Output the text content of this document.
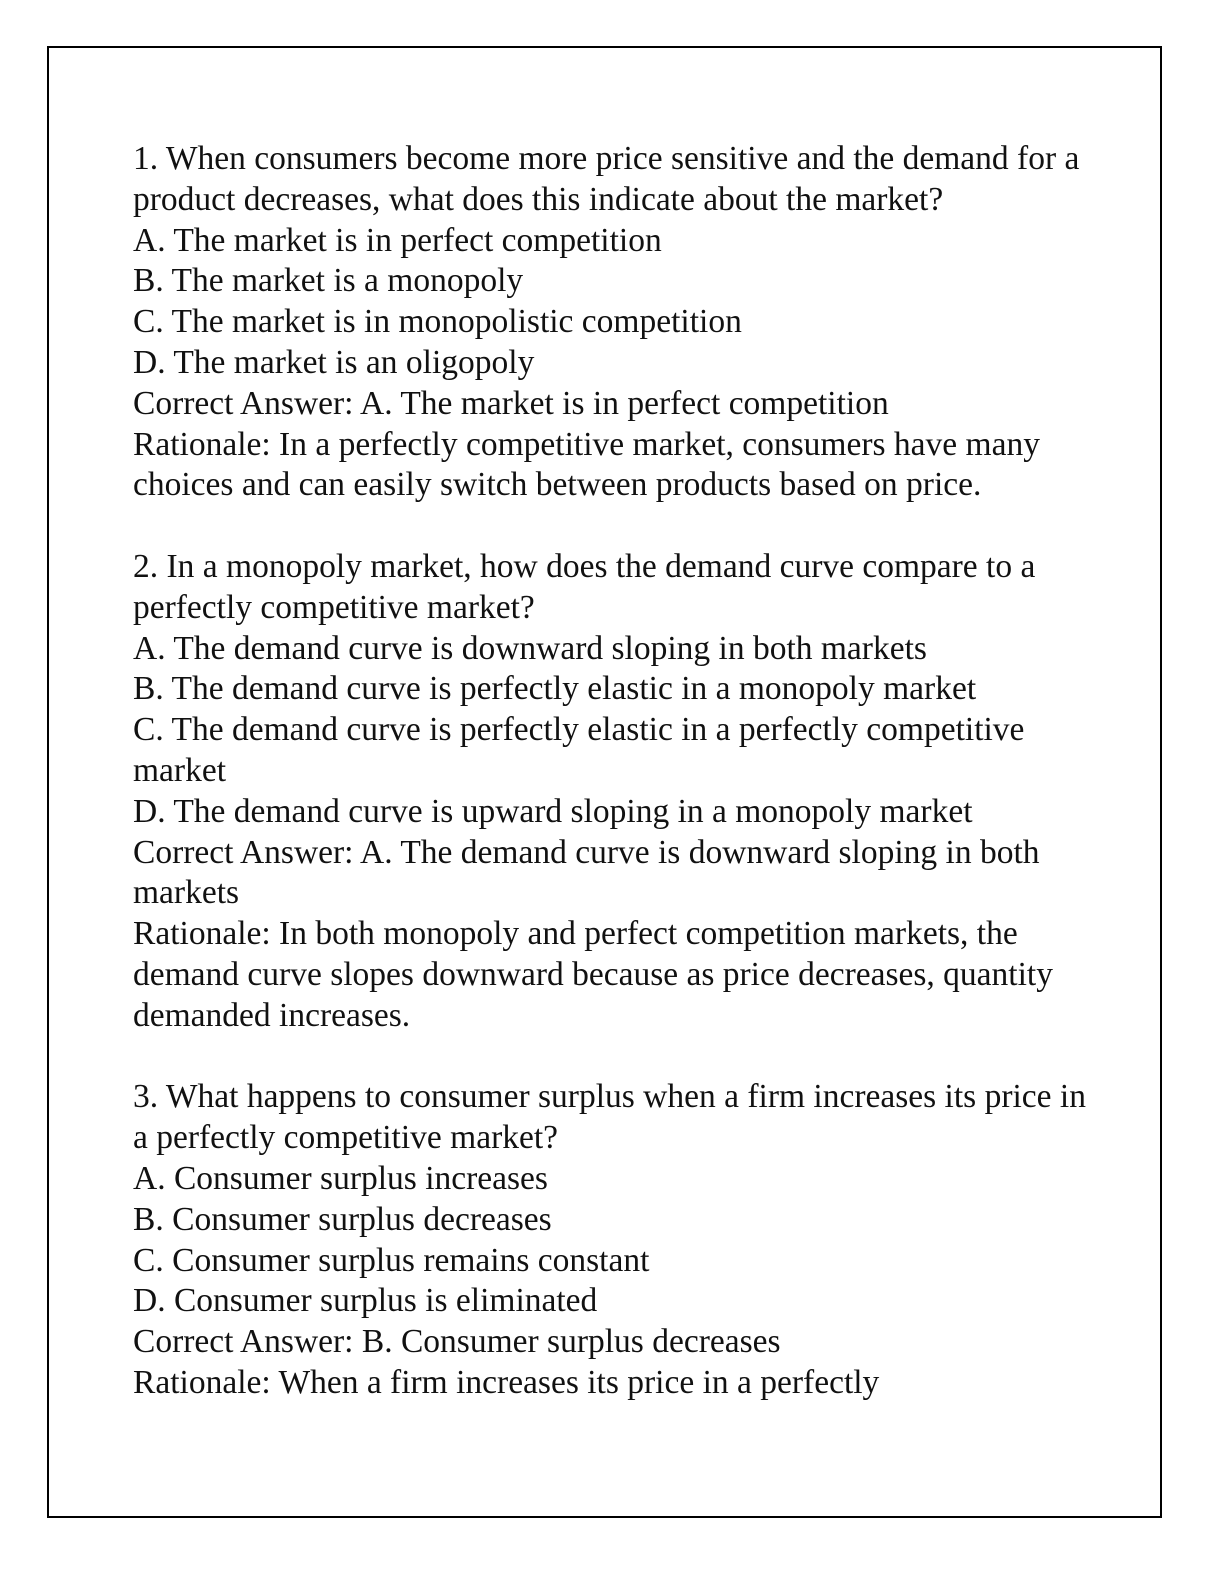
1. When consumers become more price sensitive and the demand for a product decreases, what does this indicate about the market?
A. The market is in perfect competition
B. The market is a monopoly
C. The market is in monopolistic competition
D. The market is an oligopoly
Correct Answer: A. The market is in perfect competition
Rationale: In a perfectly competitive market, consumers have many choices and can easily switch between products based on price.
2. In a monopoly market, how does the demand curve compare to a perfectly competitive market?
A. The demand curve is downward sloping in both markets
B. The demand curve is perfectly elastic in a monopoly market
C. The demand curve is perfectly elastic in a perfectly competitive market
D. The demand curve is upward sloping in a monopoly market
Correct Answer: A. The demand curve is downward sloping in both markets
Rationale: In both monopoly and perfect competition markets, the demand curve slopes downward because as price decreases, quantity demanded increases.
3. What happens to consumer surplus when a firm increases its price in a perfectly competitive market?
A. Consumer surplus increases
B. Consumer surplus decreases
C. Consumer surplus remains constant
D. Consumer surplus is eliminated
Correct Answer: B. Consumer surplus decreases
Rationale: When a firm increases its price in a perfectly
